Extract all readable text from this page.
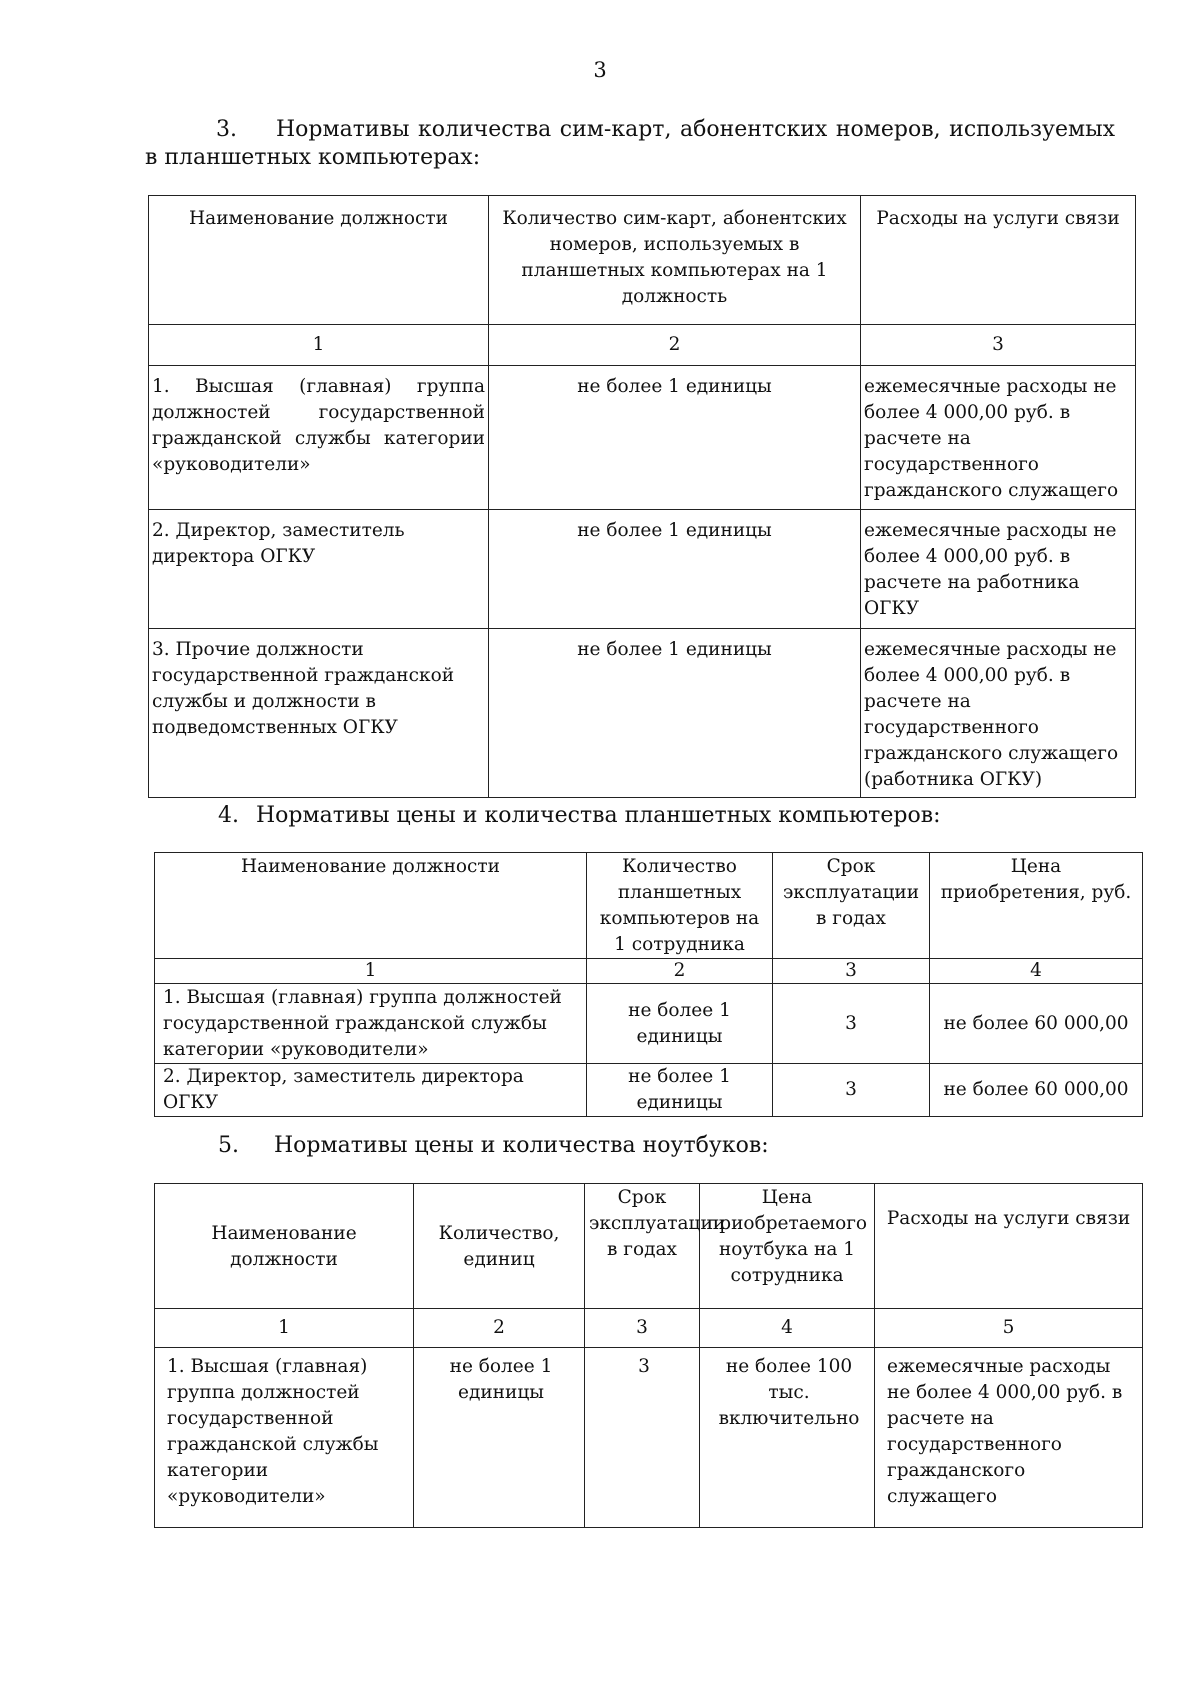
3
3. Нормативы количества сим-карт, абонентских номеров, используемых в планшетных компьютерах:
Наименование должности	Количество сим-карт, абонентских номеров, используемых в планшетных компьютерах на 1 должность	Расходы на услуги связи
1	2	3
1. Высшая (главная) группа должностей государственной гражданской службы категории «руководители»	не более 1 единицы	ежемесячные расходы не более 4 000,00 руб. в расчете на государственного гражданского служащего
2. Директор, заместитель директора ОГКУ	не более 1 единицы	ежемесячные расходы не более 4 000,00 руб. в расчете на работника ОГКУ
3. Прочие должности государственной гражданской службы и должности в подведомственных ОГКУ	не более 1 единицы	ежемесячные расходы не более 4 000,00 руб. в расчете на государственного гражданского служащего (работника ОГКУ)
4. Нормативы цены и количества планшетных компьютеров:
Наименование должности	Количество планшетных компьютеров на 1 сотрудника	Срок эксплуатации в годах	Цена приобретения, руб.
1	2	3	4
1. Высшая (главная) группа должностей государственной гражданской службы категории «руководители»	не более 1 единицы	3	не более 60 000,00
2. Директор, заместитель директора ОГКУ	не более 1 единицы	3	не более 60 000,00
5. Нормативы цены и количества ноутбуков:
Наименование должности	Количество, единиц	Срок эксплуатации в годах	Цена приобретаемого ноутбука на 1 сотрудника	Расходы на услуги связи
1	2	3	4	5
1. Высшая (главная) группа должностей государственной гражданской службы категории «руководители»	не более 1 единицы	3	не более 100 тыс. включительно	ежемесячные расходы не более 4 000,00 руб. в расчете на государственного гражданского служащего
